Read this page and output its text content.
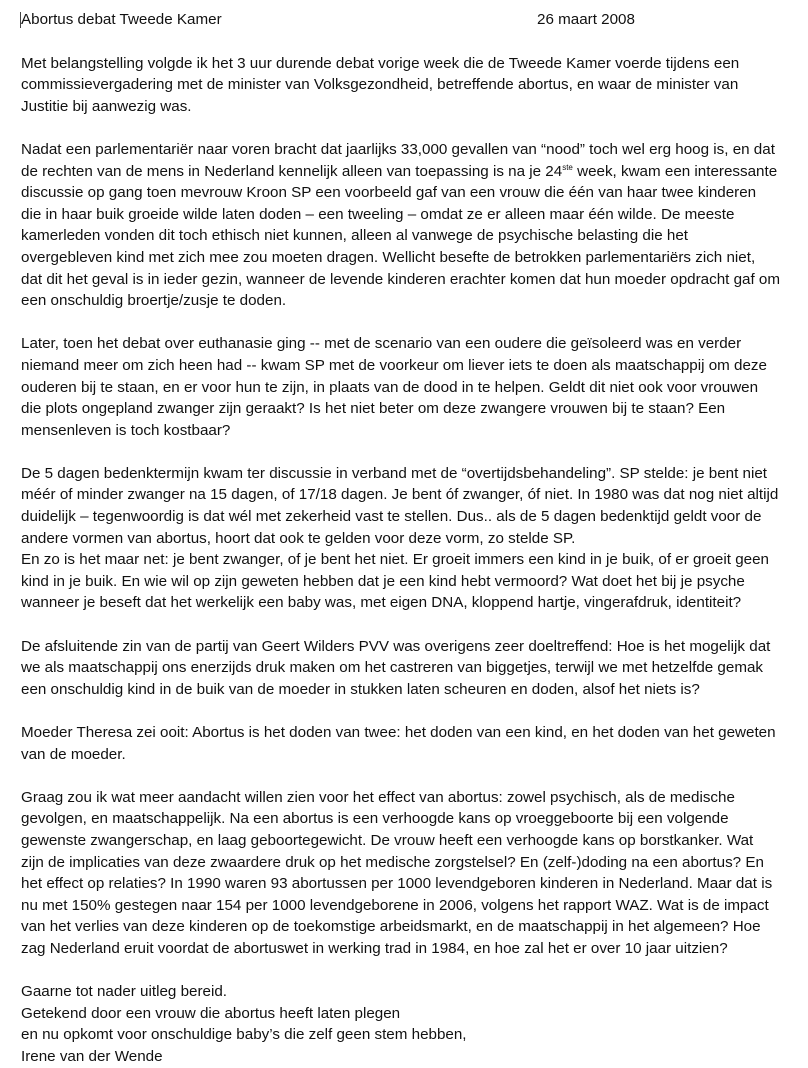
Abortus debat Tweede Kamer	26 maart 2008

Met belangstelling volgde ik het 3 uur durende debat vorige week die de Tweede Kamer voerde tijdens een
commissievergadering met de minister van Volksgezondheid, betreffende abortus, en waar de minister van
Justitie bij aanwezig was.

Nadat een parlementariër naar voren bracht dat jaarlijks 33,000 gevallen van “nood” toch wel erg hoog is, en dat
de rechten van de mens in Nederland kennelijk alleen van toepassing is na je 24ste week, kwam een interessante
discussie op gang toen mevrouw Kroon SP een voorbeeld gaf van een vrouw die één van haar twee kinderen
die in haar buik groeide wilde laten doden – een tweeling – omdat ze er alleen maar één wilde. De meeste
kamerleden vonden dit toch ethisch niet kunnen, alleen al vanwege de psychische belasting die het
overgebleven kind met zich mee zou moeten dragen. Wellicht besefte de betrokken parlementariërs zich niet,
dat dit het geval is in ieder gezin, wanneer de levende kinderen erachter komen dat hun moeder opdracht gaf om
een onschuldig broertje/zusje te doden.

Later, toen het debat over euthanasie ging -- met de scenario van een oudere die geïsoleerd was en verder
niemand meer om zich heen had -- kwam SP met de voorkeur om liever iets te doen als maatschappij om deze
ouderen bij te staan, en er voor hun te zijn, in plaats van de dood in te helpen. Geldt dit niet ook voor vrouwen
die plots ongepland zwanger zijn geraakt? Is het niet beter om deze zwangere vrouwen bij te staan? Een
mensenleven is toch kostbaar?

De 5 dagen bedenktermijn kwam ter discussie in verband met de “overtijdsbehandeling”. SP stelde: je bent niet
méér of minder zwanger na 15 dagen, of 17/18 dagen. Je bent óf zwanger, óf niet. In 1980 was dat nog niet altijd
duidelijk – tegenwoordig is dat wél met zekerheid vast te stellen. Dus.. als de 5 dagen bedenktijd geldt voor de
andere vormen van abortus, hoort dat ook te gelden voor deze vorm, zo stelde SP.
En zo is het maar net: je bent zwanger, of je bent het niet. Er groeit immers een kind in je buik, of er groeit geen
kind in je buik. En wie wil op zijn geweten hebben dat je een kind hebt vermoord? Wat doet het bij je psyche
wanneer je beseft dat het werkelijk een baby was, met eigen DNA, kloppend hartje, vingerafdruk, identiteit?

De afsluitende zin van de partij van Geert Wilders PVV was overigens zeer doeltreffend: Hoe is het mogelijk dat
we als maatschappij ons enerzijds druk maken om het castreren van biggetjes, terwijl we met hetzelfde gemak
een onschuldig kind in de buik van de moeder in stukken laten scheuren en doden, alsof het niets is?

Moeder Theresa zei ooit: Abortus is het doden van twee: het doden van een kind, en het doden van het geweten
van de moeder.

Graag zou ik wat meer aandacht willen zien voor het effect van abortus: zowel psychisch, als de medische
gevolgen, en maatschappelijk. Na een abortus is een verhoogde kans op vroeggeboorte bij een volgende
gewenste zwangerschap, en laag geboortegewicht. De vrouw heeft een verhoogde kans op borstkanker. Wat
zijn de implicaties van deze zwaardere druk op het medische zorgstelsel? En (zelf-)doding na een abortus? En
het effect op relaties? In 1990 waren 93 abortussen per 1000 levendgeboren kinderen in Nederland. Maar dat is
nu met 150% gestegen naar 154 per 1000 levendgeborene in 2006, volgens het rapport WAZ. Wat is de impact
van het verlies van deze kinderen op de toekomstige arbeidsmarkt, en de maatschappij in het algemeen? Hoe
zag Nederland eruit voordat de abortuswet in werking trad in 1984, en hoe zal het er over 10 jaar uitzien?

Gaarne tot nader uitleg bereid.
Getekend door een vrouw die abortus heeft laten plegen
en nu opkomt voor onschuldige baby’s die zelf geen stem hebben,
Irene van der Wende
